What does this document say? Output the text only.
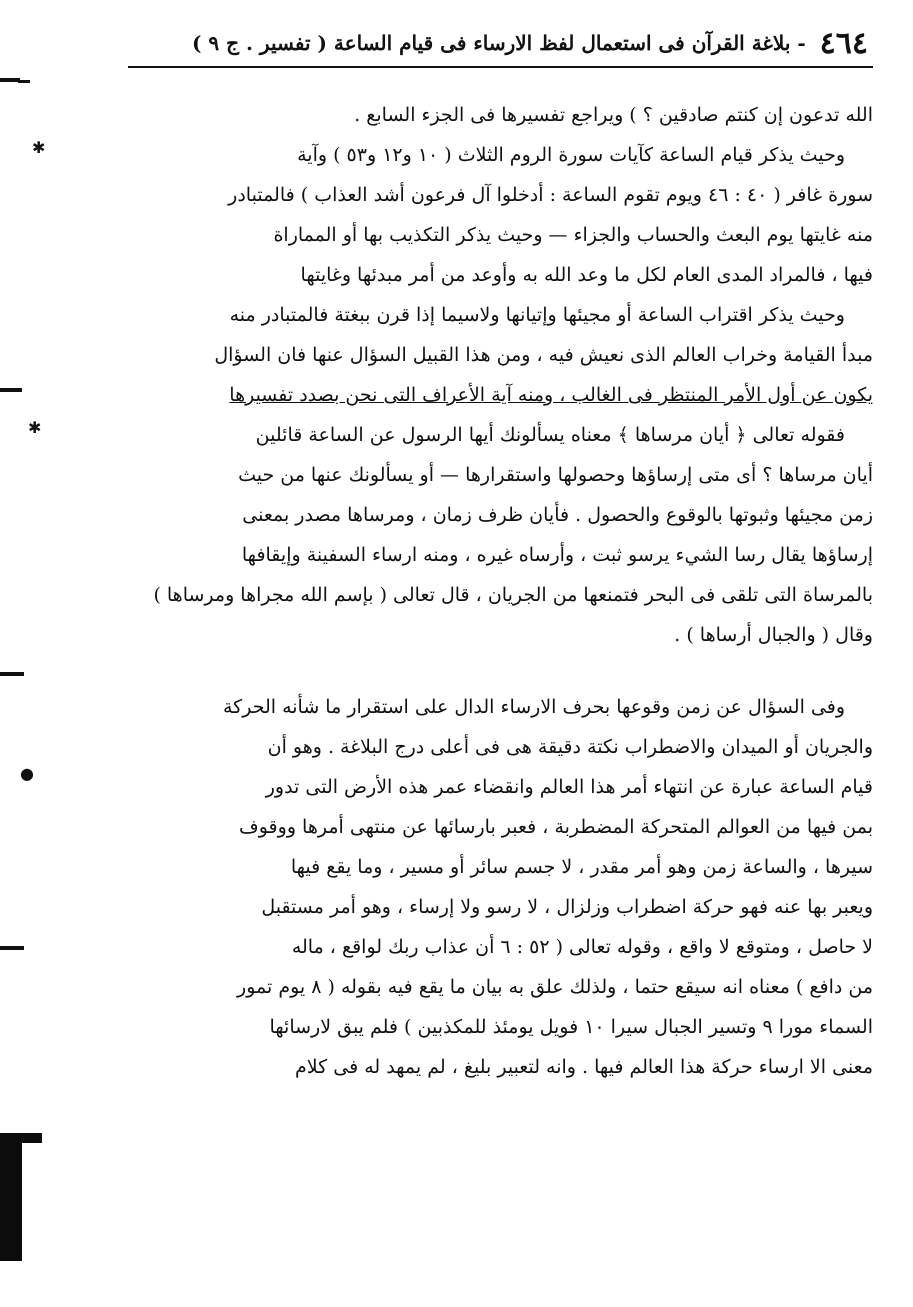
٤٦٤
- بلاغة القرآن فى استعمال لفظ الارساء فى قيام الساعة ( تفسير . ج ٩ )
الله تدعون إن كنتم صادقين ؟ ) ويراجع تفسيرها فى الجزء السابع .
وحيث يذكر قيام الساعة كآيات سورة الروم الثلاث ( ١٠ و١٢ و٥٣ ) وآية
سورة غافر ( ٤٠ : ٤٦ ويوم تقوم الساعة : أدخلوا آل فرعون أشد العذاب ) فالمتبادر
منه غايتها يوم البعث والحساب والجزاء — وحيث يذكر التكذيب بها أو المماراة
فيها ، فالمراد المدى العام لكل ما وعد الله به وأوعد من أمر مبدئها وغايتها
وحيث يذكر اقتراب الساعة أو مجيئها وإتيانها ولاسيما إذا قرن ببغتة فالمتبادر منه
مبدأ القيامة وخراب العالم الذى نعيش فيه ، ومن هذا القبيل السؤال عنها فان السؤال
يكون عن أول الأمر المنتظر فى الغالب ، ومنه آية الأعراف التى نحن بصدد تفسيرها
فقوله تعالى ﴿ أيان مرساها ﴾ معناه يسألونك أيها الرسول عن الساعة قائلين
أيان مرساها ؟ أى متى إرساؤها وحصولها واستقرارها — أو يسألونك عنها من حيث
زمن مجيئها وثبوتها بالوقوع والحصول . فأيان ظرف زمان ، ومرساها مصدر بمعنى
إرساؤها يقال رسا الشيء يرسو ثبت ، وأرساه غيره ، ومنه ارساء السفينة وإيقافها
بالمرساة التى تلقى فى البحر فتمنعها من الجريان ، قال تعالى ( بإسم الله مجراها ومرساها )
وقال ( والجبال أرساها ) .
وفى السؤال عن زمن وقوعها بحرف الارساء الدال على استقرار ما شأنه الحركة
والجريان أو الميدان والاضطراب نكتة دقيقة هى فى أعلى درج البلاغة . وهو أن
قيام الساعة عبارة عن انتهاء أمر هذا العالم وانقضاء عمر هذه الأرض التى تدور
بمن فيها من العوالم المتحركة المضطربة ، فعبر بارسائها عن منتهى أمرها ووقوف
سيرها ، والساعة زمن وهو أمر مقدر ، لا جسم سائر أو مسير ، وما يقع فيها
ويعبر بها عنه فهو حركة اضطراب وزلزال ، لا رسو ولا إرساء ، وهو أمر مستقبل
لا حاصل ، ومتوقع لا واقع ، وقوله تعالى ( ٥٢ : ٦ أن عذاب ربك لواقع ، ماله
من دافع ) معناه انه سيقع حتما ، ولذلك علق به بيان ما يقع فيه بقوله ( ٨ يوم تمور
السماء مورا ٩ وتسير الجبال سيرا ١٠ فويل يومئذ للمكذبين ) فلم يبق لارسائها
معنى الا ارساء حركة هذا العالم فيها . وانه لتعبير بليغ ، لم يمهد له فى كلام
✱
✱
●
